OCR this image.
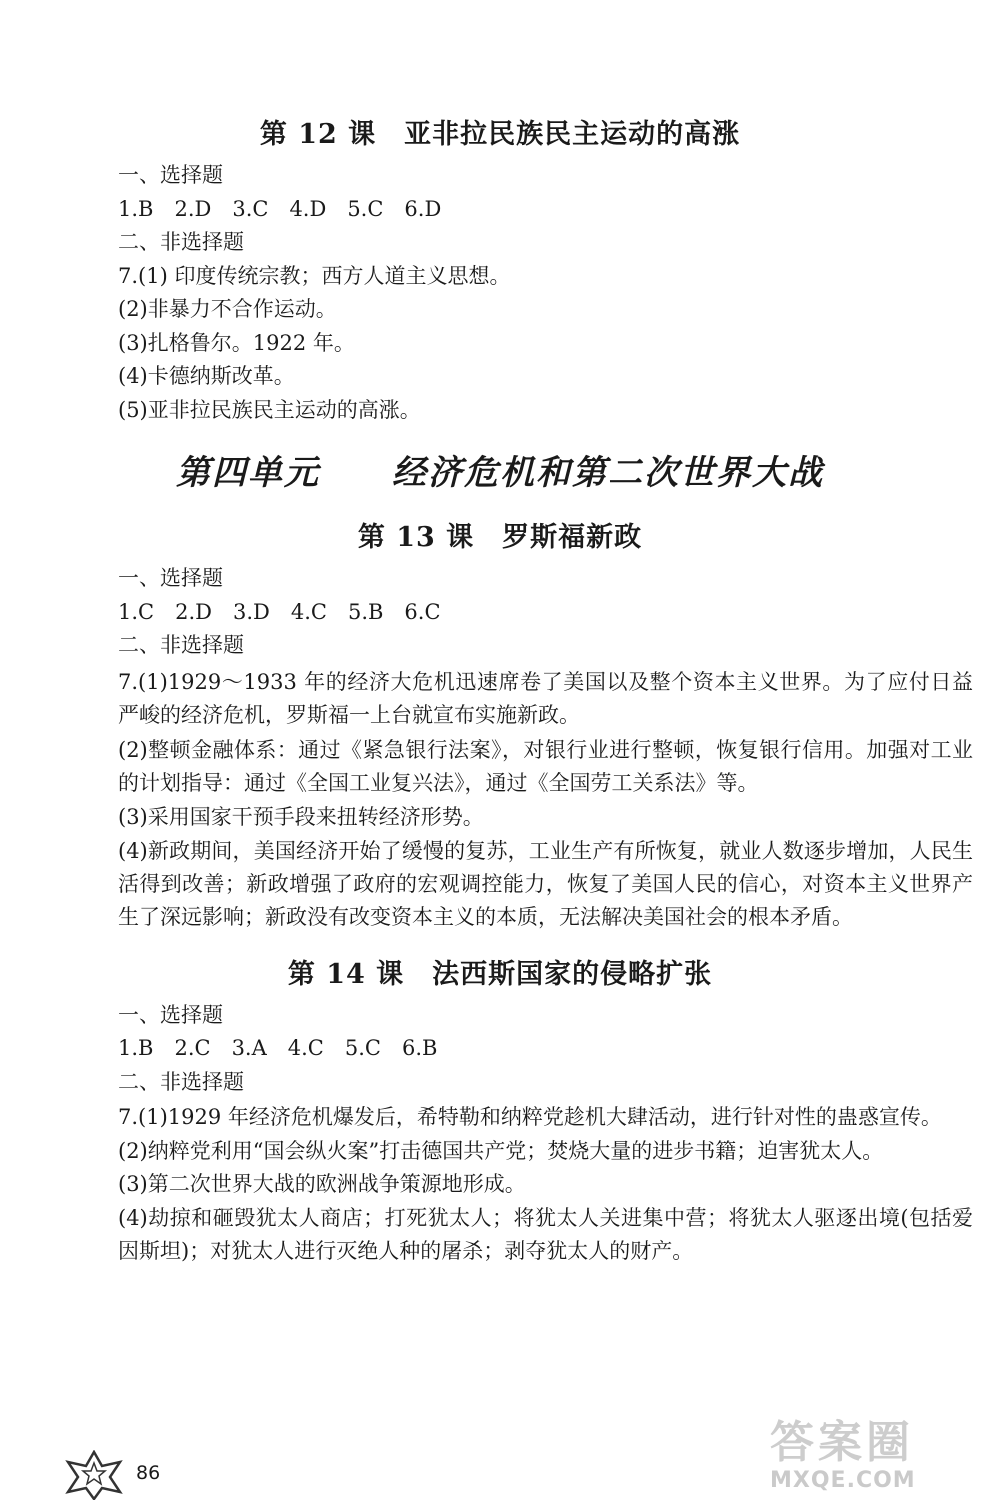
第 12 课　亚非拉民族民主运动的高涨
一、选择题
1.B　2.D　3.C　4.D　5.C　6.D
二、非选择题
7.(1) 印度传统宗教；西方人道主义思想。
(2)非暴力不合作运动。
(3)扎格鲁尔。1922 年。
(4)卡德纳斯改革。
(5)亚非拉民族民主运动的高涨。
第四单元　　经济危机和第二次世界大战
第 13 课　罗斯福新政
一、选择题
1.C　2.D　3.D　4.C　5.B　6.C
二、非选择题
7.(1)1929～1933 年的经济大危机迅速席卷了美国以及整个资本主义世界。为了应付日益严峻的经济危机，罗斯福一上台就宣布实施新政。
(2)整顿金融体系：通过《紧急银行法案》，对银行业进行整顿，恢复银行信用。加强对工业的计划指导：通过《全国工业复兴法》，通过《全国劳工关系法》等。
(3)采用国家干预手段来扭转经济形势。
(4)新政期间，美国经济开始了缓慢的复苏，工业生产有所恢复，就业人数逐步增加，人民生活得到改善；新政增强了政府的宏观调控能力，恢复了美国人民的信心，对资本主义世界产生了深远影响；新政没有改变资本主义的本质，无法解决美国社会的根本矛盾。
第 14 课　法西斯国家的侵略扩张
一、选择题
1.B　2.C　3.A　4.C　5.C　6.B
二、非选择题
7.(1)1929 年经济危机爆发后，希特勒和纳粹党趁机大肆活动，进行针对性的蛊惑宣传。
(2)纳粹党利用“国会纵火案”打击德国共产党；焚烧大量的进步书籍；迫害犹太人。
(3)第二次世界大战的欧洲战争策源地形成。
(4)劫掠和砸毁犹太人商店；打死犹太人；将犹太人关进集中营；将犹太人驱逐出境(包括爱因斯坦)；对犹太人进行灭绝人种的屠杀；剥夺犹太人的财产。
86
答案圈
MXQE.COM
